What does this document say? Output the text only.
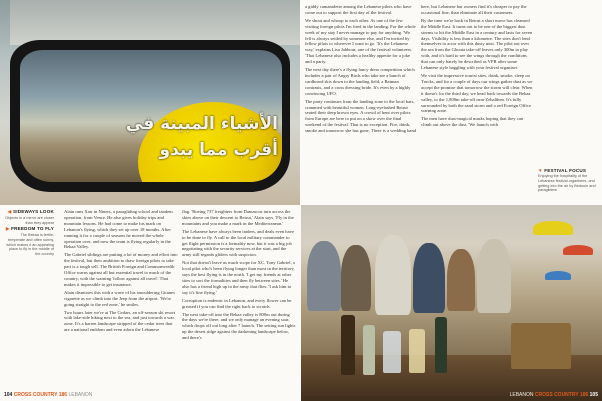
الأشياء المبينة في
أقرب مما يبدو
◀ SIDEWAYS LOOK
Objects in a mirror are closer than they appear
▶ FREEDOM TO FLY
The Bekaa is fertile, temperate and often sunny, which makes it an appealing place to fly in the middle of the country

Alain runs Xair in Niners, a paragliding school and tandem operation, from Vence. He also gives holiday trips and mountain lessons. He had come to make his mark on Lebanon's flying, which they set up over 18 months. After running it for a couple of seasons he moved the whole operation over, and now the team is flying regularly in the Bekaa Valley.

The Gabriel siblings are putting a lot of money and effort into the festival, but their ambition to draw foreign pilots to take part is a tough sell. The British Foreign and Commonwealth Office warns against all but essential travel to much of the country, with the warning 'follow against all travel'. That makes it impossible to get insurance.

Alain dismisses this with a wave of his smouldering Gitanes cigarette as we climb into the Jeep from the airport. 'We're going straight to the red zone,' he smiles.

Two hours later we're at The Cedars, an off-season ski resort with lake-side hiking next to the sea, and just towards a war zone. It's a barren landscape stripped of the cedar trees that are a national emblem and even adorn the Lebanese

flag. 'Boeing 737 freighters from Damascus turn across the skies above on their descent to Beirut,' Alain says. 'Fly in the mountains and you make a mark in the Mediterranean.'

The Lebanese have always been traders, and deals even have to be done to fly. A call to the local military commander to get flight permission is a formality now, but it was a big job negotiating with the security services at the start, and the army still regards gliders with suspicion.

Not that doesn't leave us much scope for XC. Tony Gabriel, a local pilot who's been flying longer than most in the territory, says the best flying is in the north. 'I get my friends at other sites to sort the formalities and then fly between sites.' He also has a friend high up in the army that flies. 'I ask him to say it's fine flying.'

Corruption is endemic in Lebanon, and every flower can be greased if you can find the right back to scratch.

The next take-off into the Bekaa valley is 800m out during the days we're there, and we only manage an evening soar, which drops off out long after 7 launch. The setting sun lights up the desert ridge against the darkening landscape below, and there's

a giddy camaraderie among the Lebanese pilots who have come out to support the first day of the festival.

We shout and whoop to each other. As one of the few visiting foreign pilots I'm fired in the landing. For the whole week of my stay I never manage to pay for anything. 'We fell is always settled by someone else, and I'm invited by fellow pilots to wherever I want to go. 'It's the Lebanese way,' explains Lisa Jabbour, one of the festival volunteers. 'That Lebanese also includes a healthy appetite for a joke and a party.

The next day there's a flying fancy dress competition which includes a pair of Angry Birds who take are a bunch of cardboard skis down to the landing field, a Batman contrasts, and a cross dressing bride. It's even by a highly convincing UFO.

The party continues from the landing zone to the local bars, crammed with beautiful women. Long-eyelashed Beirut seated their deep brown eyes. A crowd of bent over pilots from Europe are here to put on a show over the final weekend of the festival. That is no exception. Fire, drink, smoke and tomorrow she has gone. There is a wedding band

here, but Lebanese bar owners find it's cheaper to pay the occasional fine, than eliminate all their customers.

By the time we're back in Beirut a short move has cleansed the Middle East. It turns out to be one of the biggest dust storms to hit the Middle East in a century and lasts for seven days. Visibility is less than a kilometre. The sites don't lend themselves to actor with this dusty mist. The pilot out over the sea from the Ghouta take-off leaves only 300m to play with, and it's hard to see the wings through the conditions that can only barely be described as VFR after some Lebanese style haggling with your festival organiser.

We visit the impressive tourist sites, drink, smoke, sleep on Trucks, and for a couple of days our wings gather dust as we accept the promise that tomorrow the storm will clear. When it doesn't for the third day, we head back towards the Bekaa valley, to the 1,800m take-off near Zehalthen. It's fully surrounded by both the sand storm and a red Foreign Office warning zone.

The men have dust-magical masks hoping that they can climb out above the dust. 'We launch with

▼ FESTIVAL FOCUS
Enjoying the hospitality of the Lebanese festival organisers, and getting into the air by Bedouin and paragliders
104 CROSS COUNTRY 186 LEBANON	LEBANON CROSS COUNTRY 186 105
